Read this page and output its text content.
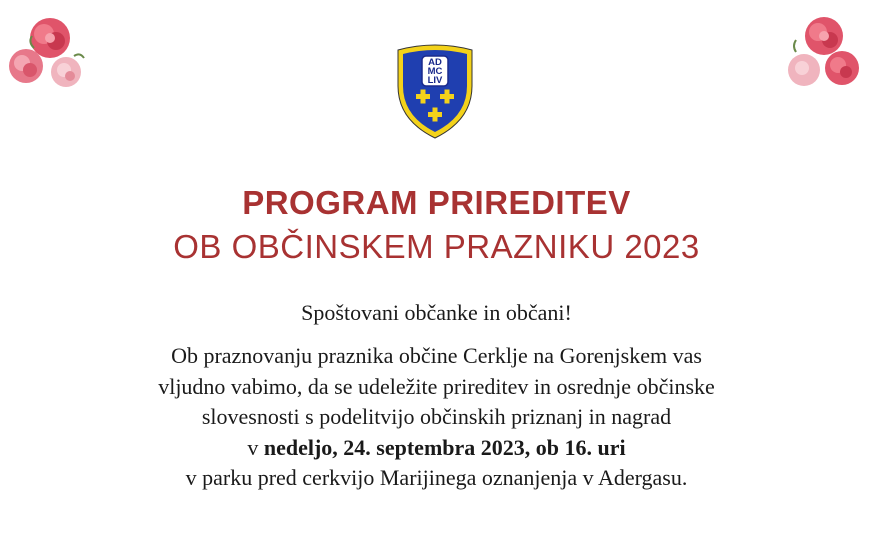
AD
MC
LIV
PROGRAM PRIREDITEV
OB OBČINSKEM PRAZNIKU 2023
Spoštovani občanke in občani!
Ob praznovanju praznika občine Cerklje na Gorenjskem vas
vljudno vabimo, da se udeležite prireditev in osrednje občinske
slovesnosti s podelitvijo občinskih priznanj in nagrad
v nedeljo, 24. septembra 2023, ob 16. uri
v parku pred cerkvijo Marijinega oznanjenja v Adergasu.
